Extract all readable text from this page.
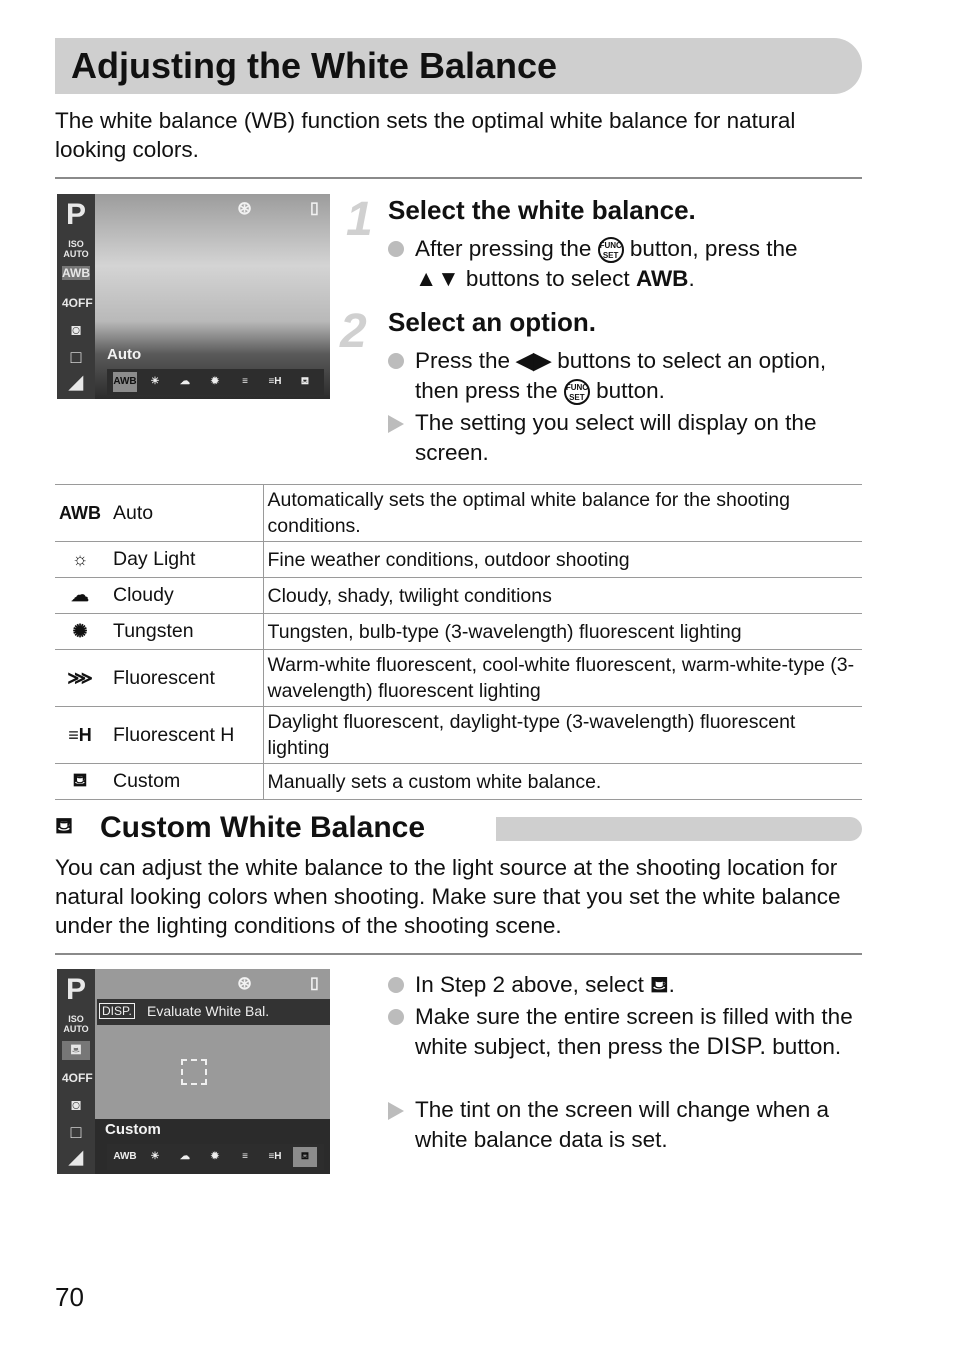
Adjusting the White Balance

The white balance (WB) function sets the optimal white balance for natural looking colors.

P
ISO AUTO
AWB
4OFF
◙
□
◢
Auto
⊛	▯
AWB	☀	☁	✹	≡	≡H	⛾
1 Select the white balance.
After pressing the FUNC
SET button, press the
▲▼ buttons to select AWB.
2 Select an option.
Press the ◀▶ buttons to select an option, then press the FUNC
SET button.
The setting you select will display on the screen.
AWB	Auto	Automatically sets the optimal white balance for the shooting conditions.
☼	Day Light	Fine weather conditions, outdoor shooting
☁	Cloudy	Cloudy, shady, twilight conditions
✺	Tungsten	Tungsten, bulb-type (3-wavelength) fluorescent lighting
⋙	Fluorescent	Warm-white fluorescent, cool-white fluorescent, warm-white-type (3-wavelength) fluorescent lighting
≡H	Fluorescent H	Daylight fluorescent, daylight-type (3-wavelength) fluorescent lighting
⛾	Custom	Manually sets a custom white balance.
⛾ Custom White Balance

You can adjust the white balance to the light source at the shooting location for natural looking colors when shooting. Make sure that you set the white balance under the lighting conditions of the shooting scene.

P
ISO AUTO
⛾
4OFF
◙
□
◢
DISP. Evaluate White Bal.
Custom
⊛	▯
AWB	☀	☁	✹	≡	≡H	⛾
In Step 2 above, select ⛾.
Make sure the entire screen is filled with the white subject, then press the DISP. button.
The tint on the screen will change when a white balance data is set.
70
